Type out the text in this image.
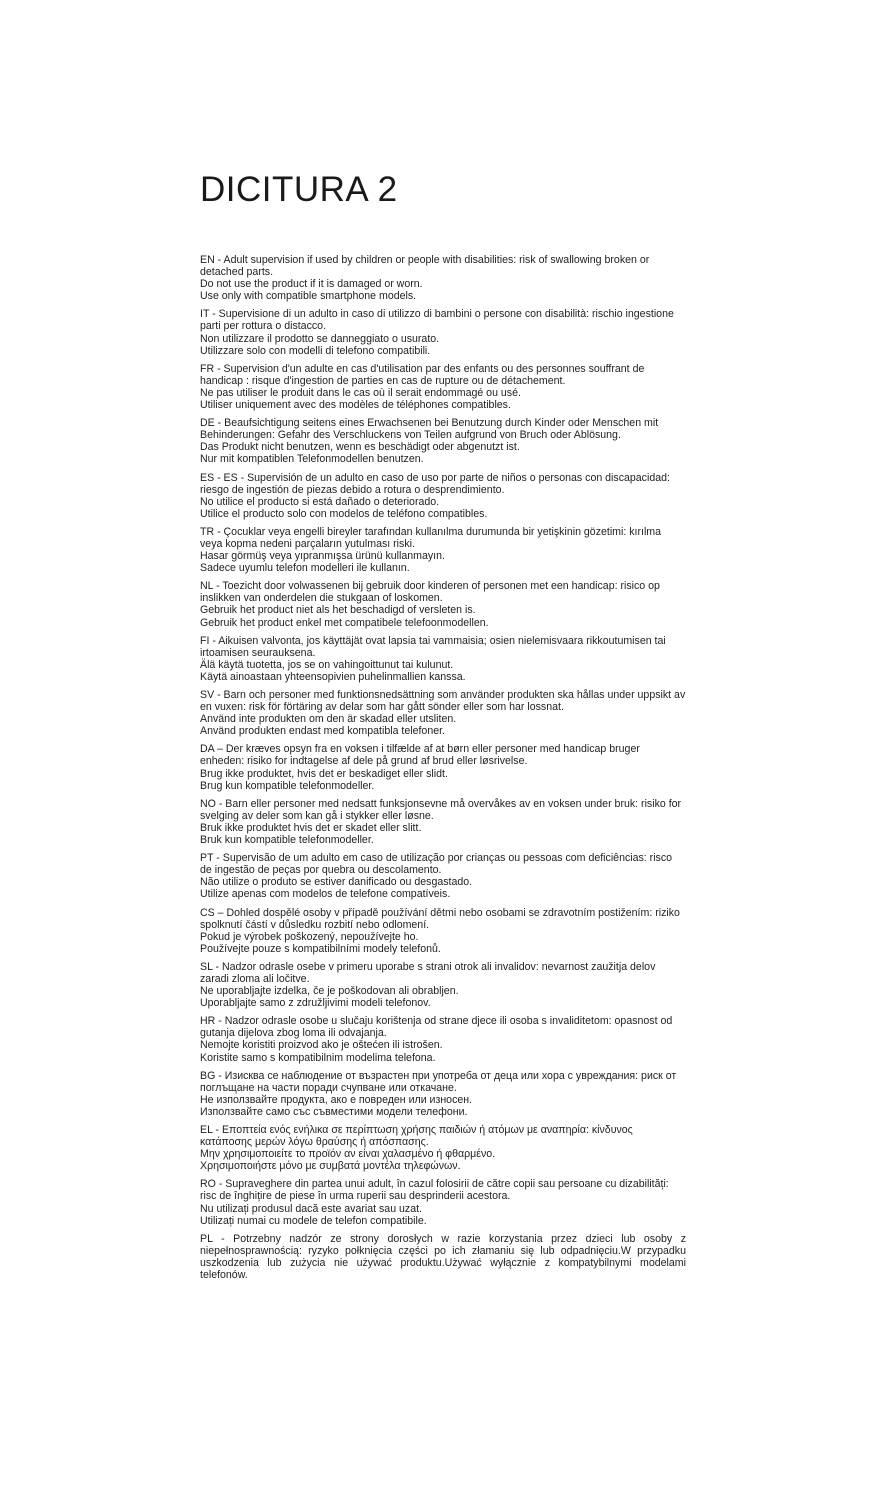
DICITURA 2
EN - Adult supervision if used by children or people with disabilities: risk of swallowing broken or detached parts.
Do not use the product if it is damaged or worn.
Use only with compatible smartphone models.
IT - Supervisione di un adulto in caso di utilizzo di bambini o persone con disabilità: rischio ingestione parti per rottura o distacco.
Non utilizzare il prodotto se danneggiato o usurato.
Utilizzare solo con modelli di telefono compatibili.
FR - Supervision d'un adulte en cas d'utilisation par des enfants ou des personnes souffrant de handicap : risque d'ingestion de parties en cas de rupture ou de détachement.
Ne pas utiliser le produit dans le cas où il serait endommagé ou usé.
Utiliser uniquement avec des modèles de téléphones compatibles.
DE - Beaufsichtigung seitens eines Erwachsenen bei Benutzung durch Kinder oder Menschen mit Behinderungen: Gefahr des Verschluckens von Teilen aufgrund von Bruch oder Ablösung.
Das Produkt nicht benutzen, wenn es beschädigt oder abgenutzt ist.
Nur mit kompatiblen Telefonmodellen benutzen.
ES - ES - Supervisión de un adulto en caso de uso por parte de niños o personas con discapacidad: riesgo de ingestión de piezas debido a rotura o desprendimiento.
No utilice el producto si está dañado o deteriorado.
Utilice el producto solo con modelos de teléfono compatibles.
TR - Çocuklar veya engelli bireyler tarafından kullanılma durumunda bir yetişkinin gözetimi: kırılma veya kopma nedeni parçaların yutulması riski.
Hasar görmüş veya yıpranmışsa ürünü kullanmayın.
Sadece uyumlu telefon modelleri ile kullanın.
NL - Toezicht door volwassenen bij gebruik door kinderen of personen met een handicap: risico op inslikken van onderdelen die stukgaan of loskomen.
Gebruik het product niet als het beschadigd of versleten is.
Gebruik het product enkel met compatibele telefoonmodellen.
FI - Aikuisen valvonta, jos käyttäjät ovat lapsia tai vammaisia; osien nielemisvaara rikkoutumisen tai irtoamisen seurauksena.
Älä käytä tuotetta, jos se on vahingoittunut tai kulunut.
Käytä ainoastaan yhteensopivien puhelinmallien kanssa.
SV - Barn och personer med funktionsnedsättning som använder produkten ska hållas under uppsikt av en vuxen: risk för förtäring av delar som har gått sönder eller som har lossnat.
Använd inte produkten om den är skadad eller utsliten.
Använd produkten endast med kompatibla telefoner.
DA – Der kræves opsyn fra en voksen i tilfælde af at børn eller personer med handicap bruger enheden: risiko for indtagelse af dele på grund af brud eller løsrivelse.
Brug ikke produktet, hvis det er beskadiget eller slidt.
Brug kun kompatible telefonmodeller.
NO - Barn eller personer med nedsatt funksjonsevne må overvåkes av en voksen under bruk: risiko for svelging av deler som kan gå i stykker eller løsne.
Bruk ikke produktet hvis det er skadet eller slitt.
Bruk kun kompatible telefonmodeller.
PT - Supervisão de um adulto em caso de utilização por crianças ou pessoas com deficiências: risco de ingestão de peças por quebra ou descolamento.
Não utilize o produto se estiver danificado ou desgastado.
Utilize apenas com modelos de telefone compatíveis.
CS – Dohled dospělé osoby v případě používání dětmi nebo osobami se zdravotním postižením: riziko spolknutí částí v důsledku rozbití nebo odlomení.
Pokud je výrobek poškozený, nepoužívejte ho.
Používejte pouze s kompatibilními modely telefonů.
SL - Nadzor odrasle osebe v primeru uporabe s strani otrok ali invalidov: nevarnost zaužitja delov zaradi zloma ali ločitve.
Ne uporabljajte izdelka, če je poškodovan ali obrabljen.
Uporabljajte samo z združljivimi modeli telefonov.
HR - Nadzor odrasle osobe u slučaju korištenja od strane djece ili osoba s invaliditetom: opasnost od gutanja dijelova zbog loma ili odvajanja.
Nemojte koristiti proizvod ako je oštećen ili istrošen.
Koristite samo s kompatibilnim modelima telefona.
BG - Изисква се наблюдение от възрастен при употреба от деца или хора с увреждания: риск от поглъщане на части поради счупване или откачане.
Не използвайте продукта, ако е повреден или износен.
Използвайте само със съвместими модели телефони.
EL - Εποπτεία ενός ενήλικα σε περίπτωση χρήσης παιδιών ή ατόμων με αναπηρία: κίνδυνος κατάποσης μερών λόγω θραύσης ή απόσπασης.
Μην χρησιμοποιείτε το προϊόν αν είναι χαλασμένο ή φθαρμένο.
Χρησιμοποιήστε μόνο με συμβατά μοντέλα τηλεφώνων.
RO - Supraveghere din partea unui adult, în cazul folosirii de către copii sau persoane cu dizabilități: risc de înghițire de piese în urma ruperii sau desprinderii acestora.
Nu utilizați produsul dacă este avariat sau uzat.
Utilizați numai cu modele de telefon compatibile.
PL - Potrzebny nadzór ze strony dorosłych w razie korzystania przez dzieci lub osoby z niepełnosprawnością: ryzyko połknięcia części po ich złamaniu się lub odpadnięciu.W przypadku uszkodzenia lub zużycia nie używać produktu.Używać wyłącznie z kompatybilnymi modelami telefonów.
